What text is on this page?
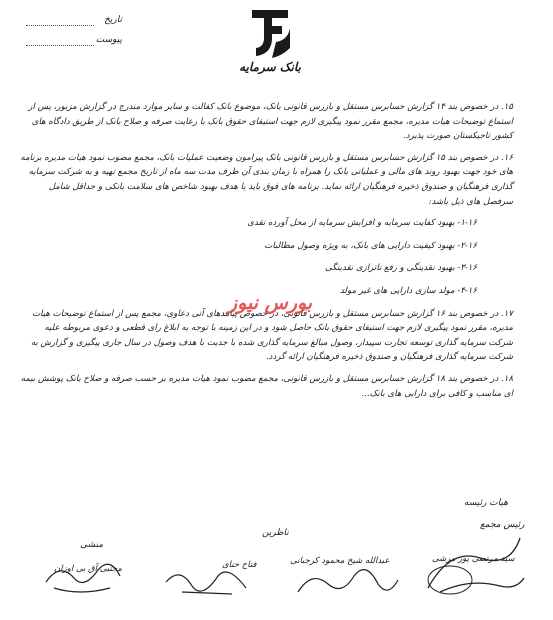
تاریخ
پیوست
بانک سرمایه

۱۵. در خصوص بند ۱۴ گزارش حسابرس مستقل و بازرس قانونی بانک، موضوع بانک کفالت و سایر موارد مندرج در گزارش مزبور، پس از استماع توضیحات هیات مدیره، مجمع مقرر نمود پیگیری لازم جهت استیفای حقوق بانک با رعایت صرفه و صلاح بانک از طریق دادگاه های کشور تاجیکستان صورت پذیرد.

۱۶. در خصوص بند ۱۵ گزارش حسابرس مستقل و بازرس قانونی بانک پیرامون وضعیت عملیات بانک، مجمع مصوب نمود هیات مدیره برنامه های خود جهت بهبود روند های مالی و عملیاتی بانک را همراه با زمان بندی آن ظرف مدت سه ماه از تاریخ مجمع تهیه و به شرکت سرمایه گذاری فرهنگیان و صندوق ذخیره فرهنگیان ارائه نماید. برنامه های فوق باید با هدف بهبود شاخص های سلامت بانکی و حداقل شامل سرفصل های ذیل باشد:

۱-۱۶- بهبود کفایت سرمایه و افزایش سرمایه از محل آورده نقدی

۲-۱۶- بهبود کیفیت دارایی های بانک، به ویژه وصول مطالبات

۳-۱۶- بهبود نقدینگی و رفع ناترازی نقدینگی

۴-۱۶- مولد سازی دارایی های غیر مولد

۱۷. در خصوص بند ۱۶ گزارش حسابرس مستقل و بازرس قانونی، در خصوص پیامدهای آتی دعاوی، مجمع پس از استماع توضیحات هیات مدیره، مقرر نمود پیگیری لازم جهت استیفای حقوق بانک حاصل شود و در این زمینه با توجه به ابلاغ رای قطعی و دعوی مربوطه علیه شرکت سرمایه گذاری توسعه تجارت سپیدار، وصول مبالغ سرمایه گذاری شده با جدیت با هدف وصول در سال جاری پیگیری و گزارش به شرکت سرمایه گذاری فرهنگیان و صندوق ذخیره فرهنگیان ارائه گردد.

۱۸. در خصوص بند ۱۸ گزارش حسابرس مستقل و بازرس قانونی، مجمع مصوب نمود هیات مدیره بر حسب صرفه و صلاح بانک پوشش بیمه ای مناسب و کافی برای دارایی های بانک...

بورس نیوز
هیات رئیسه
رئیس مجمع
سید مرتضی پور مرشی
ناظرین
عبدالله شیخ محمود کرجبانی
فتاح حنای
منشی
مجتبی آق بی اوزان
